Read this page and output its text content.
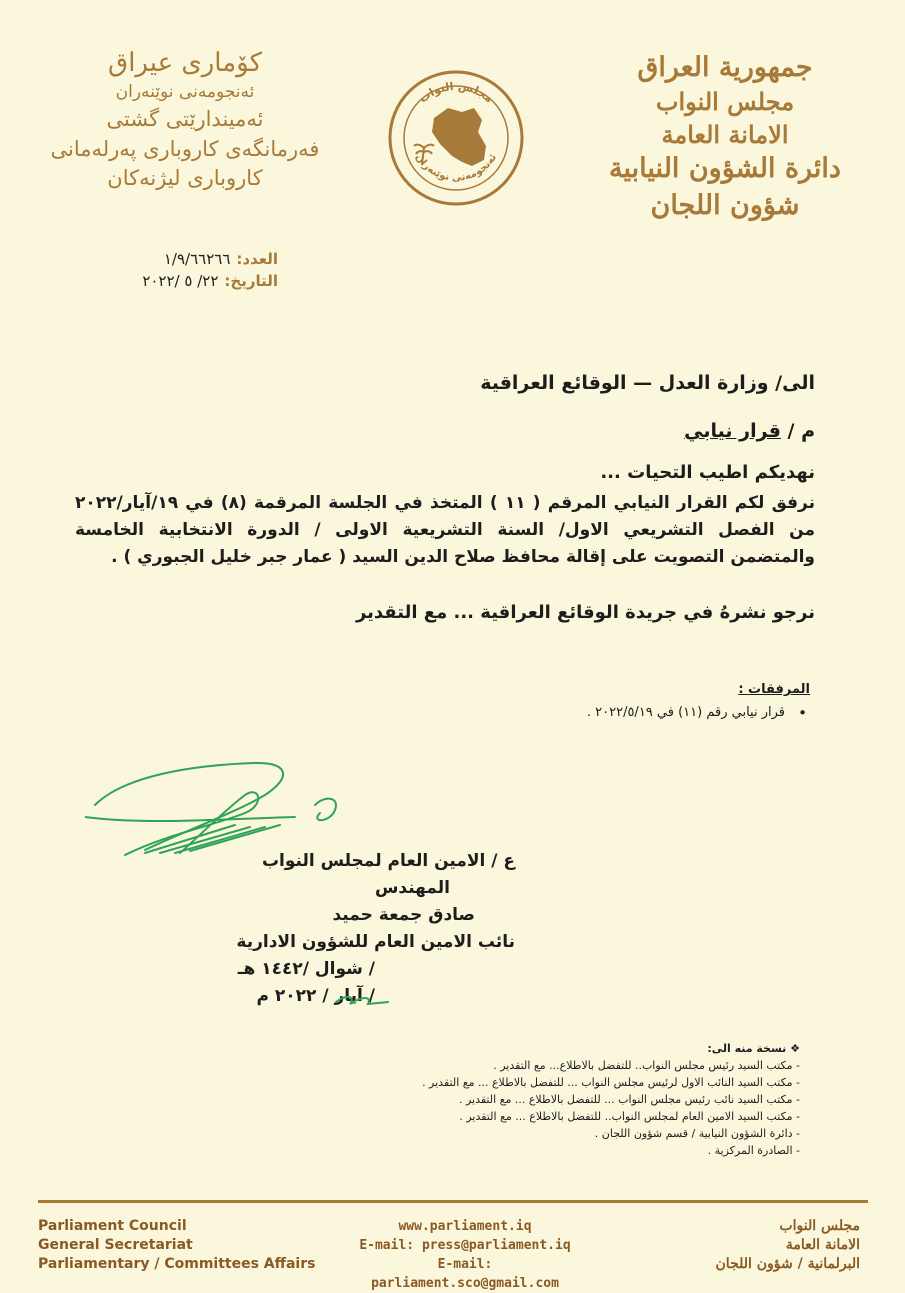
جمهورية العراق
مجلس النواب
الامانة العامة
دائرة الشؤون النيابية
شؤون اللجان
مجلس النواب
ئەنجومەنی نوێنەران
کۆماری عیراق
ئەنجومەنی نوێنەران
ئەمیندارێتی گشتی
فەرمانگەی کاروباری پەرلەمانی
کاروباری لیژنەکان
العدد:
١/٩/٦٦٢٦٦
التاريخ:
٢٢/ ٥ /٢٠٢٢
الى/ وزارة العدل — الوقائع العراقية
م / قرار نيابي
نهديكم اطيب التحيات ...
نرفق لكم القرار النيابي المرقم ( ١١ ) المتخذ في الجلسة المرقمة (٨) في ١٩/آيار/٢٠٢٢ من الفصل التشريعي الاول/ السنة التشريعية الاولى / الدورة الانتخابية الخامسة والمتضمن التصويت على إقالة محافظ صلاح الدين السيد ( عمار جبر خليل الجبوري ) .
نرجو نشرهُ في جريدة الوقائع العراقية ... مع التقدير
المرفقات :
• قرار نيابي رقم (١١) في ٢٠٢٢/٥/١٩ .
ع / الامين العام لمجلس النواب
المهندس
صادق جمعة حميد
نائب الامين العام للشؤون الادارية
/ شوال /١٤٤٢ هـ
/ آيار / ٢٠٢٢ م
❖ نسخة منه الى:
- مكتب السيد رئيس مجلس النواب.. للتفضل بالاطلاع... مع التقدير .
- مكتب السيد النائب الاول لرئيس مجلس النواب ... للتفضل بالاطلاع ... مع التقدير .
- مكتب السيد نائب رئيس مجلس النواب ... للتفضل بالاطلاع ... مع التقدير .
- مكتب السيد الامين العام لمجلس النواب.. للتفضل بالاطلاع ... مع التقدير .
- دائرة الشؤون النيابية / قسم شؤون اللجان .
- الصادرة المركزية .
Parliament Council
General Secretariat
Parliamentary / Committees Affairs
www.parliament.iq
E-mail: press@parliament.iq
E-mail: parliament.sco@gmail.com
مجلس النواب
الامانة العامة
البرلمانية / شؤون اللجان
